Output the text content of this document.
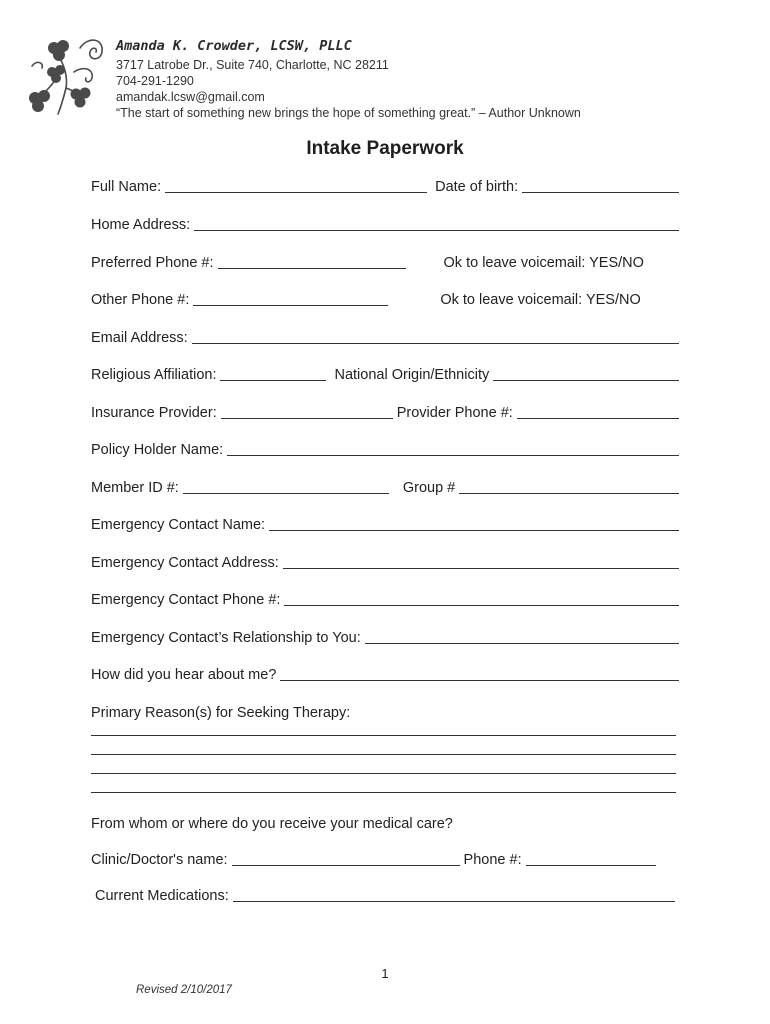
Amanda K. Crowder, LCSW, PLLC
3717 Latrobe Dr., Suite 740, Charlotte, NC 28211
704-291-1290
amandak.lcsw@gmail.com
“The start of something new brings the hope of something great.” – Author Unknown
Intake Paperwork
Full Name:	Date of birth:
Home Address:
Preferred Phone #:	Ok to leave voicemail: YES/NO
Other Phone #:	Ok to leave voicemail: YES/NO
Email Address:
Religious Affiliation:	National Origin/Ethnicity
Insurance Provider:	Provider Phone #:
Policy Holder Name:
Member ID #:	Group #
Emergency Contact Name:
Emergency Contact Address:
Emergency Contact Phone #:
Emergency Contact’s Relationship to You:
How did you hear about me?
Primary Reason(s) for Seeking Therapy:
From whom or where do you receive your medical care?
Clinic/Doctor's name:	Phone #:
Current Medications:
1
Revised 2/10/2017
